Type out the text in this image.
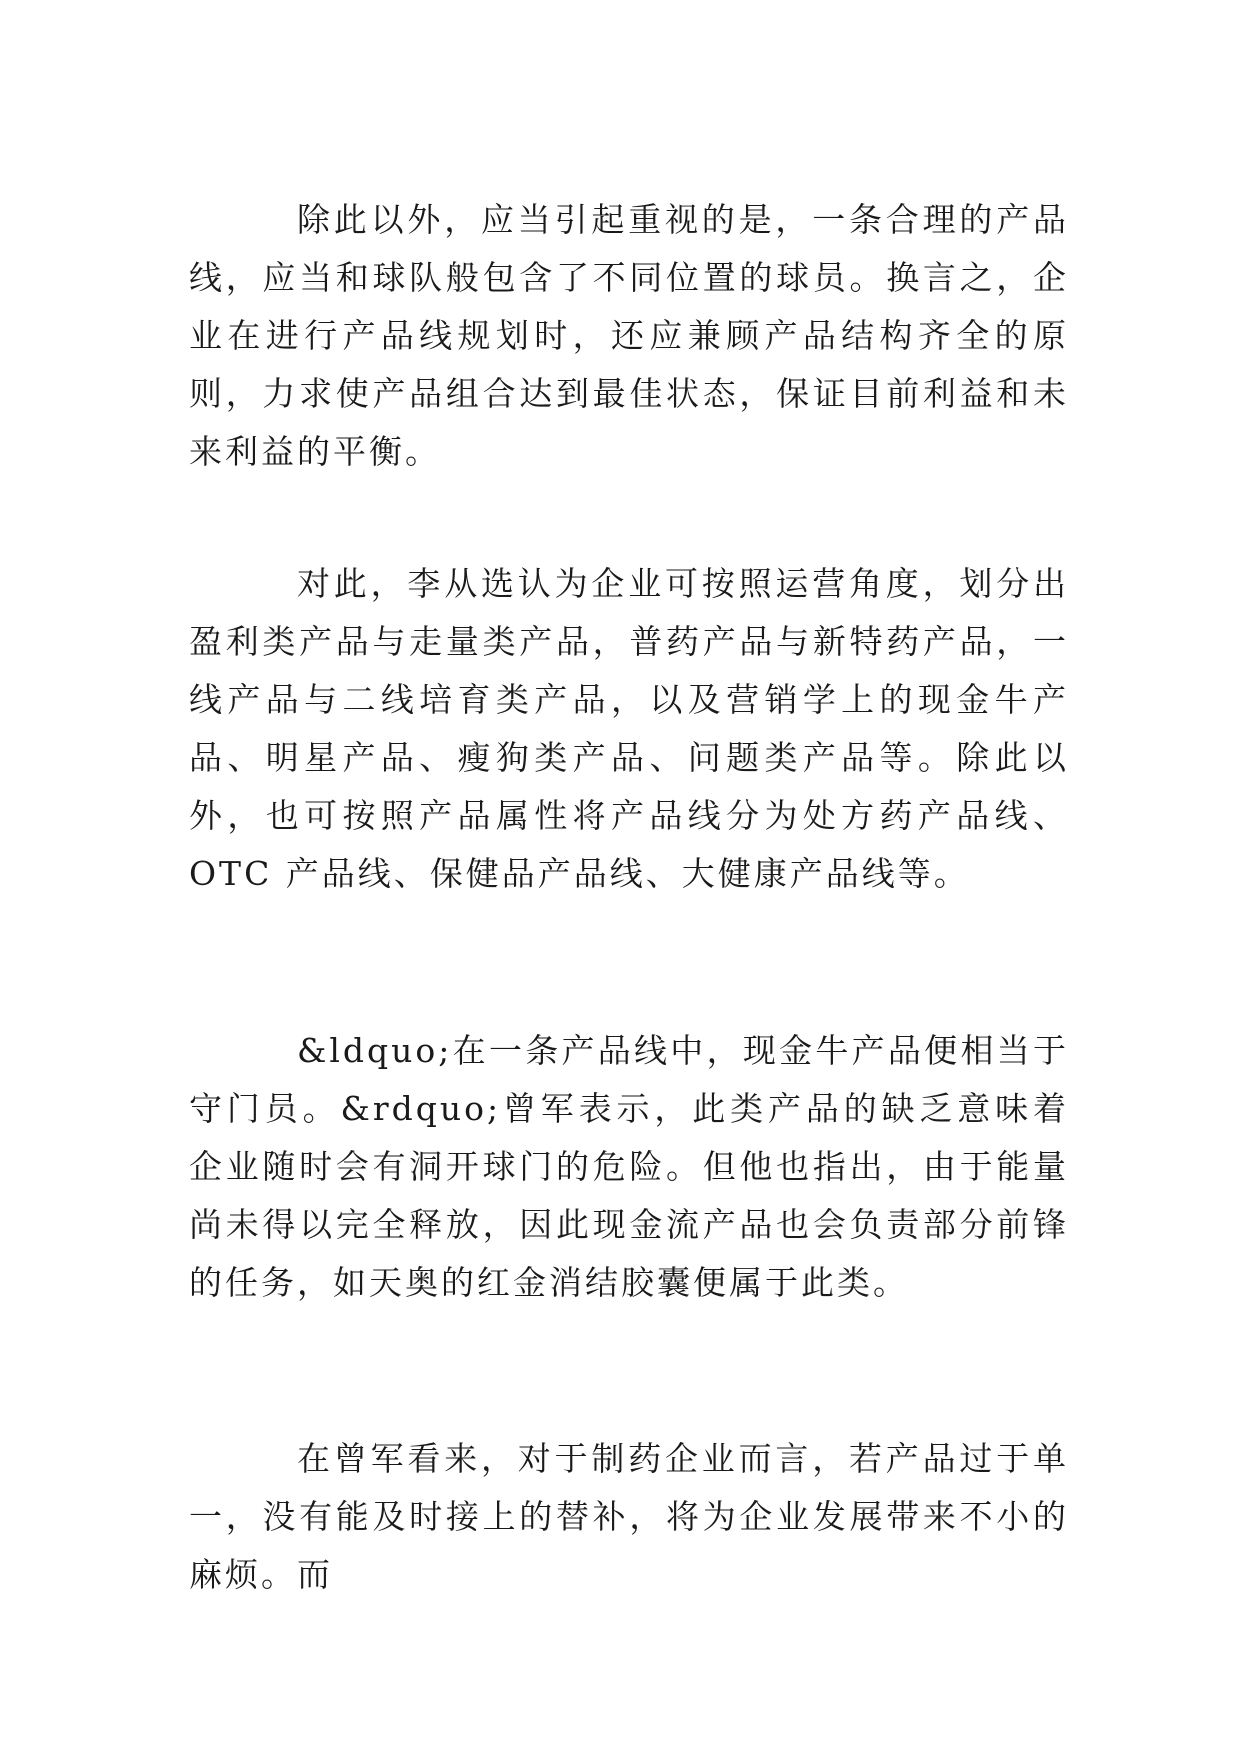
除此以外，应当引起重视的是，一条合理的产品线，应当和球队般包含了不同位置的球员。换言之，企业在进行产品线规划时，还应兼顾产品结构齐全的原则，力求使产品组合达到最佳状态，保证目前利益和未来利益的平衡。

对此，李从选认为企业可按照运营角度，划分出盈利类产品与走量类产品，普药产品与新特药产品，一线产品与二线培育类产品，以及营销学上的现金牛产品、明星产品、瘦狗类产品、问题类产品等。除此以外，也可按照产品属性将产品线分为处方药产品线、OTC 产品线、保健品产品线、大健康产品线等。

&ldquo;在一条产品线中，现金牛产品便相当于守门员。&rdquo;曾军表示，此类产品的缺乏意味着企业随时会有洞开球门的危险。但他也指出，由于能量尚未得以完全释放，因此现金流产品也会负责部分前锋的任务，如天奥的红金消结胶囊便属于此类。

在曾军看来，对于制药企业而言，若产品过于单一，没有能及时接上的替补，将为企业发展带来不小的麻烦。而
